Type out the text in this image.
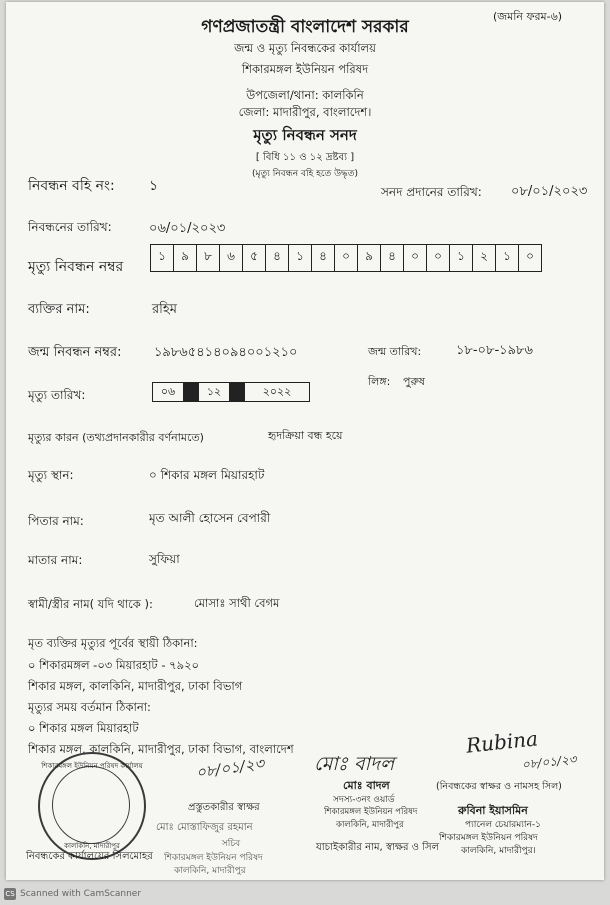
(জমনি ফরম-৬)
গণপ্রজাতন্ত্রী বাংলাদেশ সরকার
জন্ম ও মৃত্যু নিবন্ধকের কার্যালয়
শিকারমঙ্গল ইউনিয়ন পরিষদ
উপজেলা/থানা: কালকিনি
জেলা: মাদারীপুর, বাংলাদেশ।
মৃত্যু নিবন্ধন সনদ
[ বিধি ১১ ও ১২ দ্রষ্টব্য ]
(মৃত্যু নিবন্ধন বহি হতে উদ্ধৃত)
নিবন্ধন বহি নং: ১	সনদ প্রদানের তারিখ: ০৮/০১/২০২৩
নিবন্ধনের তারিখ:	০৬/০১/২০২৩
মৃত্যু নিবন্ধন নম্বর
১	৯	৮	৬	৫	৪	১	৪	০	৯	৪	০	০	১	২	১	০
ব্যক্তির নাম:	রহিম
জন্ম নিবন্ধন নম্বর:	১৯৮৬৫৪১৪০৯৪০০১২১০	জন্ম তারিখ:	১৮-০৮-১৯৮৬
লিঙ্গ: পুরুষ
মৃত্যু তারিখ:	০৬	১২	২০২২
মৃত্যুর কারন (তথ্যপ্রদানকারীর বর্ণনামতে)	হৃদক্রিয়া বন্ধ হয়ে
মৃত্যু স্থান:	০ শিকার মঙ্গল মিয়ারহাট
পিতার নাম:	মৃত আলী হোসেন বেপারী
মাতার নাম:	সুফিয়া
স্বামী/স্ত্রীর নাম( যদি থাকে ):	মোসাঃ সাথী বেগম
মৃত ব্যক্তির মৃত্যুর পূর্বের স্থায়ী ঠিকানা:
০ শিকারমঙ্গল -০৩ মিয়ারহাট - ৭৯২০
শিকার মঙ্গল, কালকিনি, মাদারীপুর, ঢাকা বিভাগ
মৃত্যুর সময় বর্তমান ঠিকানা:
০ শিকার মঙ্গল মিয়ারহাট
শিকার মঙ্গল, কালকিনি, মাদারীপুর, ঢাকা বিভাগ, বাংলাদেশ
শিকারমঙ্গল ইউনিয়ন পরিষদ কার্যালয়
কালকিনি, মাদারীপুর
০৮/০১/২৩
প্রস্তুতকারীর স্বাক্ষর
মোঃ মোস্তাফিজুর রহমান
সচিব
শিকারমঙ্গল ইউনিয়ন পরিষদ
কালকিনি, মাদারীপুর
মোঃ বাদল
মোঃ বাদল
সদস্য-৩নং ওয়ার্ড
শিকারমঙ্গল ইউনিয়ন পরিষদ
কালকিনি, মাদারীপুর
যাচাইকারীর নাম, স্বাক্ষর ও সিল
Rubina
০৮/০১/২৩
(নিবন্ধকের স্বাক্ষর ও নামসহ সিল)
রুবিনা ইয়াসমিন
প্যানেল চেয়ারম্যান-১
শিকারমঙ্গল ইউনিয়ন পরিষদ
কালকিনি, মাদারীপুর।
নিবন্ধকের কার্যালয়ের সিলমোহর
CS Scanned with CamScanner
